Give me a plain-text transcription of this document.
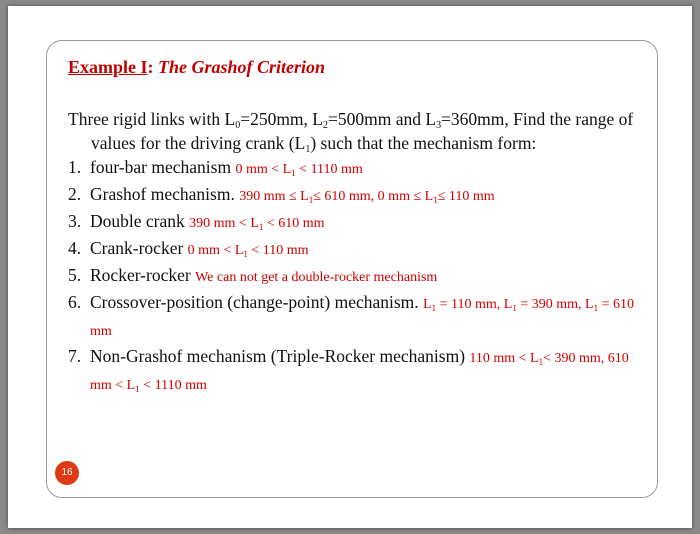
Example I: The Grashof Criterion

Three rigid links with $L_0=250mm$, $L_2=500mm$ and $L_3=360mm$, Find the range of values for the driving crank $(L_1)$ such that the mechanism form:

1. four-bar mechanism 0 mm < $L_1 < 1110$ mm
2. Grashof mechanism. 390 mm ≤ $L_1\le 610$ mm, 0 mm ≤ $L_1\le 110$ mm
3. Double crank 390 mm < $L_1 < 610$ mm
4. Crank-rocker 0 mm < $L_1 < 110$ mm
5. Rocker-rocker We can not get a double-rocker mechanism
6. Crossover-position (change-point) mechanism. $L_1 = 110$ mm, $L_1 = 390$ mm, $L_1 = 610$ mm
7. Non-Grashof mechanism (Triple-Rocker mechanism) 110 mm < $L_1< 390$ mm, 610 mm < $L_1 < 1110$ mm
16
